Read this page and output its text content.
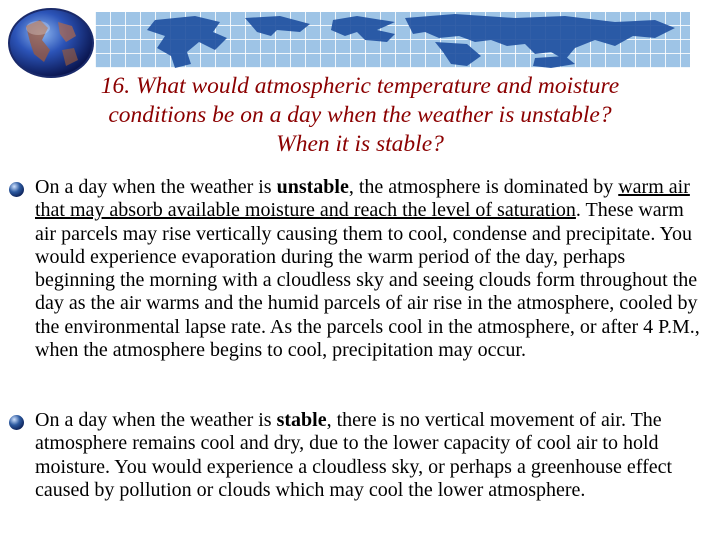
16. What would atmospheric temperature and moisture
conditions be on a day when the weather is unstable?
When it is stable?
On a day when the weather is unstable, the atmosphere is dominated by warm air that may absorb available moisture and reach the level of saturation. These warm air parcels may rise vertically causing them to cool, condense and precipitate. You would experience evaporation during the warm period of the day, perhaps beginning the morning with a cloudless sky and seeing clouds form throughout the day as the air warms and the humid parcels of air rise in the atmosphere, cooled by the environmental lapse rate. As the parcels cool in the atmosphere, or after 4 P.M., when the atmosphere begins to cool, precipitation may occur.
On a day when the weather is stable, there is no vertical movement of air. The atmosphere remains cool and dry, due to the lower capacity of cool air to hold moisture. You would experience a cloudless sky, or perhaps a greenhouse effect caused by pollution or clouds which may cool the lower atmosphere.
